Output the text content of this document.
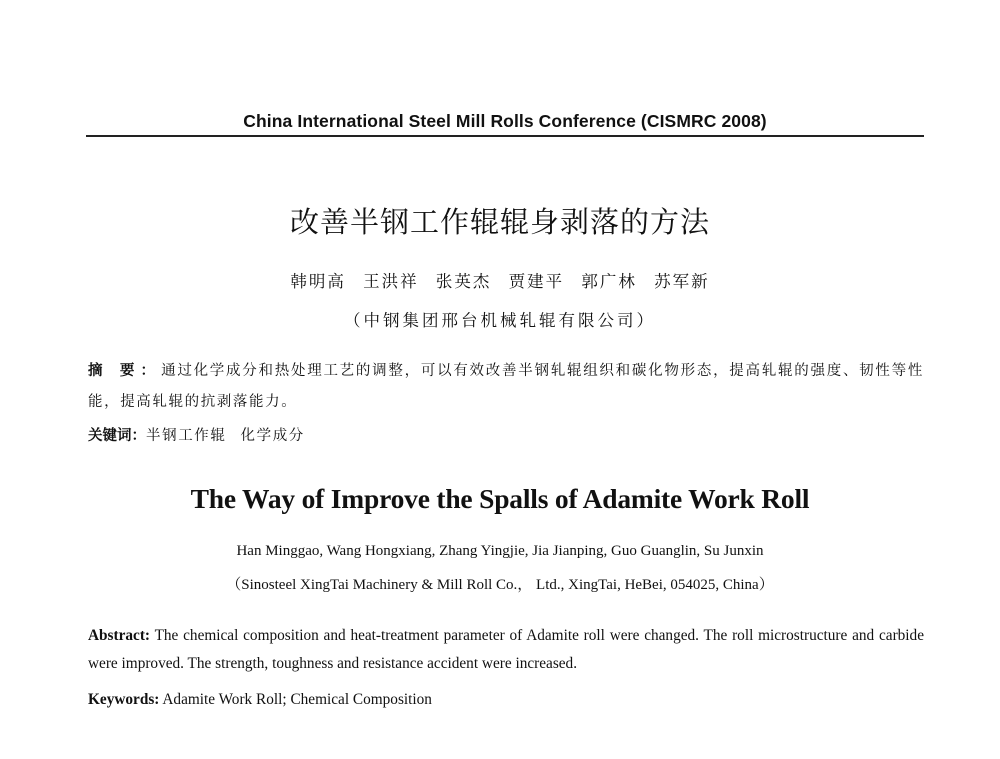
China International Steel Mill Rolls Conference (CISMRC 2008)
改善半钢工作辊辊身剥落的方法
韩明高 王洪祥 张英杰 贾建平 郭广林 苏军新
（中钢集团邢台机械轧辊有限公司）
摘 要：通过化学成分和热处理工艺的调整，可以有效改善半钢轧辊组织和碳化物形态，提高轧辊的强度、韧性等性能，提高轧辊的抗剥落能力。
关键词：半钢工作辊 化学成分
The Way of Improve the Spalls of Adamite Work Roll
Han Minggao, Wang Hongxiang, Zhang Yingjie, Jia Jianping, Guo Guanglin, Su Junxin
（Sinosteel XingTai Machinery & Mill Roll Co.， Ltd., XingTai, HeBei, 054025, China）
Abstract: The chemical composition and heat-treatment parameter of Adamite roll were changed. The roll microstructure and carbide were improved. The strength, toughness and resistance accident were increased.
Keywords: Adamite Work Roll; Chemical Composition
